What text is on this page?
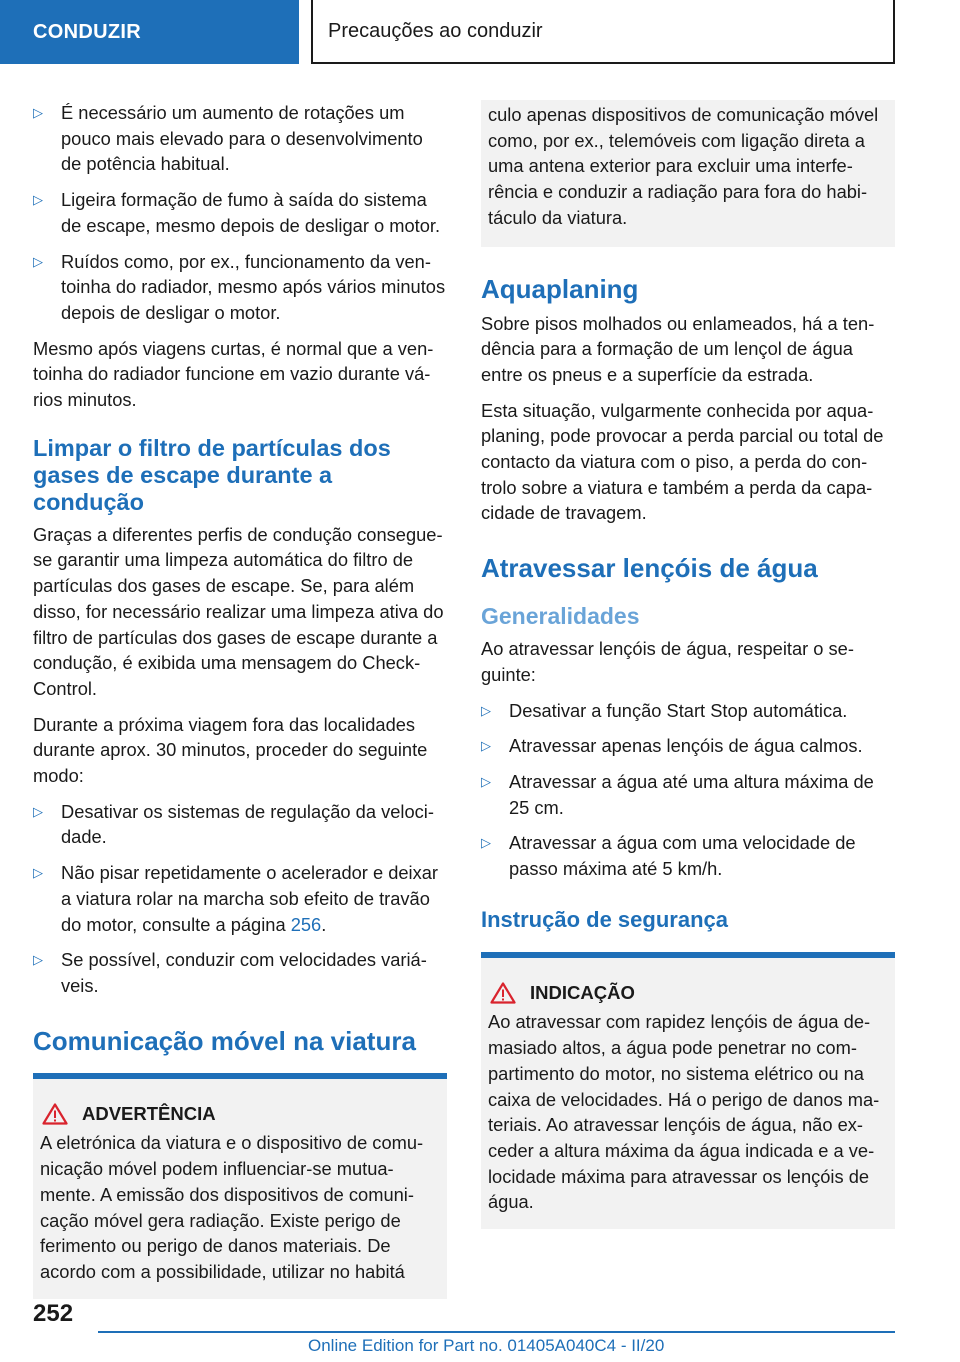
CONDUZIR	Precauções ao conduzir
▷ É necessário um aumento de rotações um pouco mais elevado para o desenvolvimento de potência habitual.
▷ Ligeira formação de fumo à saída do sistema de escape, mesmo depois de desligar o motor.
▷ Ruídos como, por ex., funcionamento da ventoinha do radiador, mesmo após vários minutos depois de desligar o motor.

Mesmo após viagens curtas, é normal que a ventoinha do radiador funcione em vazio durante vários minutos.

Limpar o filtro de partículas dos gases de escape durante a condução

Graças a diferentes perfis de condução consegue-se garantir uma limpeza automática do filtro de partículas dos gases de escape. Se, para além disso, for necessário realizar uma limpeza ativa do filtro de partículas dos gases de escape durante a condução, é exibida uma mensagem do Check-Control.

Durante a próxima viagem fora das localidades durante aprox. 30 minutos, proceder do seguinte modo:

▷ Desativar os sistemas de regulação da velocidade.
▷ Não pisar repetidamente o acelerador e deixar a viatura rolar na marcha sob efeito de travão do motor, consulte a página 256.
▷ Se possível, conduzir com velocidades variáveis.
Comunicação móvel na viatura
ADVERTÊNCIA

A eletrónica da viatura e o dispositivo de comunicação móvel podem influenciar-se mutuamente. A emissão dos dispositivos de comunicação móvel gera radiação. Existe perigo de ferimento ou perigo de danos materiais. De acordo com a possibilidade, utilizar no habitá

culo apenas dispositivos de comunicação móvel como, por ex., telemóveis com ligação direta a uma antena exterior para excluir uma interferência e conduzir a radiação para fora do habitáculo da viatura.

Aquaplaning

Sobre pisos molhados ou enlameados, há a tendência para a formação de um lençol de água entre os pneus e a superfície da estrada.

Esta situação, vulgarmente conhecida por aquaplaning, pode provocar a perda parcial ou total de contacto da viatura com o piso, a perda do controlo sobre a viatura e também a perda da capacidade de travagem.

Atravessar lençóis de água
Generalidades

Ao atravessar lençóis de água, respeitar o seguinte:

▷ Desativar a função Start Stop automática.
▷ Atravessar apenas lençóis de água calmos.
▷ Atravessar a água até uma altura máxima de 25 cm.
▷ Atravessar a água com uma velocidade de passo máxima até 5 km/h.
Instrução de segurança
INDICAÇÃO

Ao atravessar com rapidez lençóis de água demasiado altos, a água pode penetrar no compartimento do motor, no sistema elétrico ou na caixa de velocidades. Há o perigo de danos materiais. Ao atravessar lençóis de água, não exceder a altura máxima da água indicada e a velocidade máxima para atravessar os lençóis de água.

252
Online Edition for Part no. 01405A040C4 - II/20
